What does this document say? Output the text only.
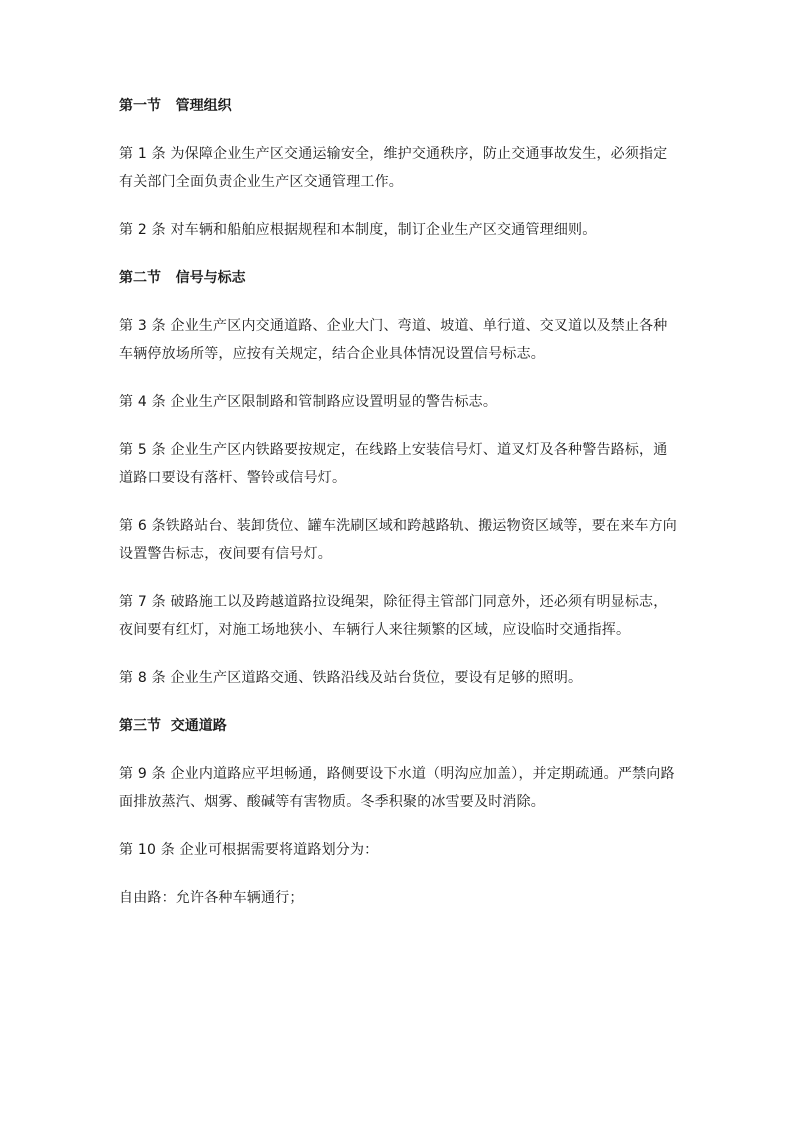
第一节   管理组织
第 1 条 为保障企业生产区交通运输安全，维护交通秩序，防止交通事故发生，必须指定有关部门全面负责企业生产区交通管理工作。
第 2 条 对车辆和船舶应根据规程和本制度，制订企业生产区交通管理细则。
第二节   信号与标志
第 3 条 企业生产区内交通道路、企业大门、弯道、坡道、单行道、交叉道以及禁止各种车辆停放场所等，应按有关规定，结合企业具体情况设置信号标志。
第 4 条 企业生产区限制路和管制路应设置明显的警告标志。
第 5 条 企业生产区内铁路要按规定，在线路上安装信号灯、道叉灯及各种警告路标，通道路口要设有落杆、警铃或信号灯。
第 6 条铁路站台、装卸货位、罐车洗刷区域和跨越路轨、搬运物资区域等，要在来车方向设置警告标志，夜间要有信号灯。
第 7 条 破路施工以及跨越道路拉设绳架，除征得主管部门同意外，还必须有明显标志，夜间要有红灯，对施工场地狭小、车辆行人来往频繁的区域，应设临时交通指挥。
第 8 条 企业生产区道路交通、铁路沿线及站台货位，要设有足够的照明。
第三节  交通道路
第 9 条 企业内道路应平坦畅通，路侧要设下水道（明沟应加盖），并定期疏通。严禁向路面排放蒸汽、烟雾、酸碱等有害物质。冬季积聚的冰雪要及时消除。
第 10 条 企业可根据需要将道路划分为：
自由路：允许各种车辆通行；
